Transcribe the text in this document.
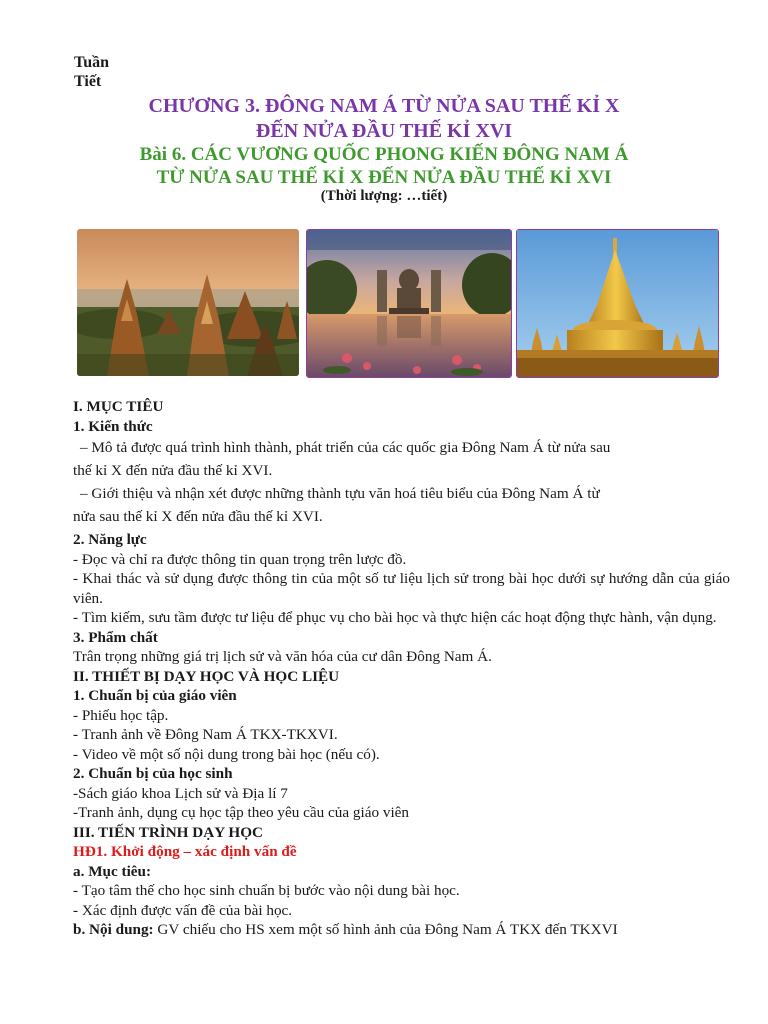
Tuần
Tiết
CHƯƠNG 3. ĐÔNG NAM Á TỪ NỬA SAU THẾ KỈ X
ĐẾN NỬA ĐẦU THẾ KỈ XVI
Bài 6. CÁC VƯƠNG QUỐC PHONG KIẾN ĐÔNG NAM Á
TỪ NỬA SAU THẾ KỈ X ĐẾN NỬA ĐẦU THẾ KỈ XVI
(Thời lượng: …tiết)

I. MỤC TIÊU

1. Kiến thức

– Mô tả được quá trình hình thành, phát triển của các quốc gia Đông Nam Á từ nửa sau

thế kỉ X đến nửa đầu thế kỉ XVI.

– Giới thiệu và nhận xét được những thành tựu văn hoá tiêu biểu của Đông Nam Á từ

nửa sau thế kỉ X đến nửa đầu thế kỉ XVI.

2. Năng lực

- Đọc và chỉ ra được thông tin quan trọng trên lược đồ.

- Khai thác và sử dụng được thông tin của một số tư liệu lịch sử trong bài học dưới sự hướng dẫn của giáo viên.

- Tìm kiếm, sưu tầm được tư liệu để phục vụ cho bài học và thực hiện các hoạt động thực hành, vận dụng.

3. Phẩm chất

Trân trọng những giá trị lịch sử và văn hóa của cư dân Đông Nam Á.

II. THIẾT BỊ DẠY HỌC VÀ HỌC LIỆU

1. Chuẩn bị của giáo viên

- Phiếu học tập.

- Tranh ảnh về Đông Nam Á TKX-TKXVI.

- Video về một số nội dung trong bài học (nếu có).

2. Chuẩn bị của học sinh

-Sách giáo khoa Lịch sử và Địa lí 7

-Tranh ảnh, dụng cụ học tập theo yêu cầu của giáo viên

III. TIẾN TRÌNH DẠY HỌC

HĐ1. Khởi động – xác định vấn đề

a. Mục tiêu:

- Tạo tâm thế cho học sinh chuẩn bị bước vào nội dung bài học.

- Xác định được vấn đề của bài học.

b. Nội dung: GV chiếu cho HS xem một số hình ảnh của Đông Nam Á TKX đến TKXVI
